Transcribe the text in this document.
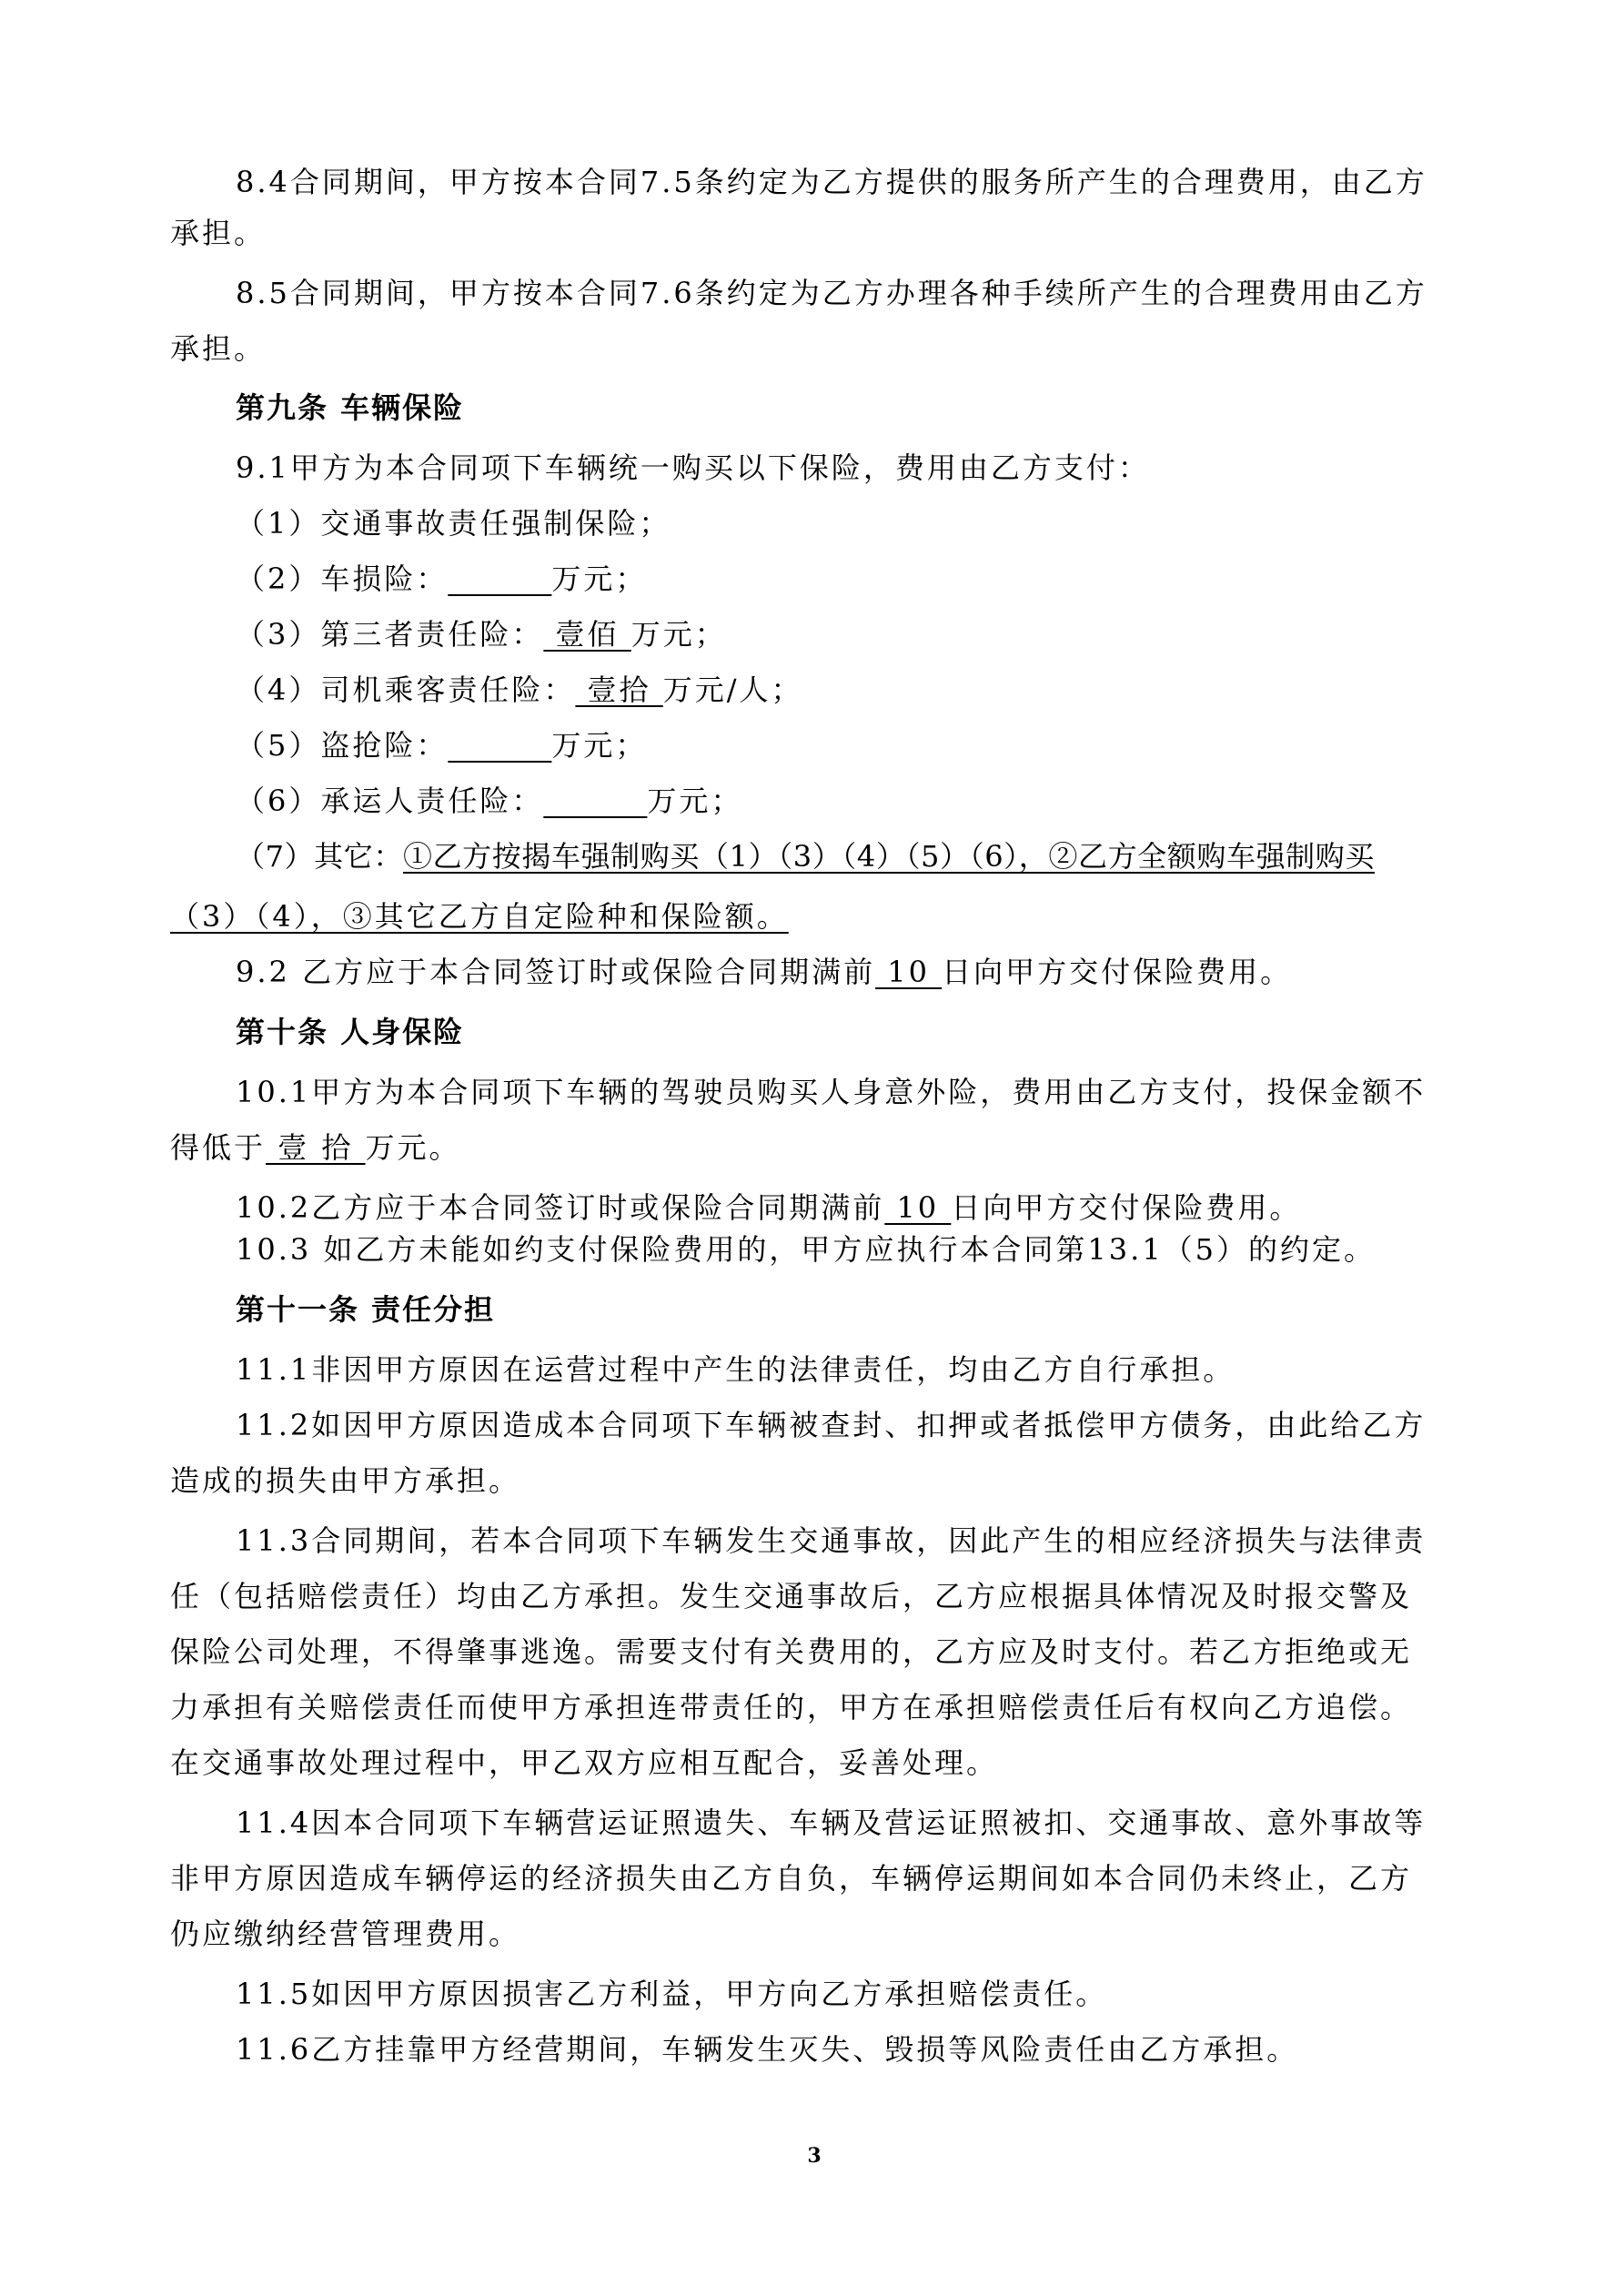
8.4合同期间，甲方按本合同7.5条约定为乙方提供的服务所产生的合理费用，由乙方
承担。
8.5合同期间，甲方按本合同7.6条约定为乙方办理各种手续所产生的合理费用由乙方
承担。
第九条 车辆保险
9.1甲方为本合同项下车辆统一购买以下保险，费用由乙方支付：
（1）交通事故责任强制保险；
（2）车损险：______万元；
（3）第三者责任险： 壹佰 万元；
（4）司机乘客责任险： 壹拾 万元/人；
（5）盗抢险：______万元；
（6）承运人责任险：______万元；
（7）其它：①乙方按揭车强制购买（1）（3）（4）（5）（6），②乙方全额购车强制购买
（3）（4），③其它乙方自定险种和保险额。
9.2 乙方应于本合同签订时或保险合同期满前 10 日向甲方交付保险费用。
第十条 人身保险
10.1甲方为本合同项下车辆的驾驶员购买人身意外险，费用由乙方支付，投保金额不
得低于 壹 拾 万元。
10.2乙方应于本合同签订时或保险合同期满前 10 日向甲方交付保险费用。
10.3 如乙方未能如约支付保险费用的，甲方应执行本合同第13.1（5）的约定。
第十一条 责任分担
11.1非因甲方原因在运营过程中产生的法律责任，均由乙方自行承担。
11.2如因甲方原因造成本合同项下车辆被查封、扣押或者抵偿甲方债务，由此给乙方
造成的损失由甲方承担。
11.3合同期间，若本合同项下车辆发生交通事故，因此产生的相应经济损失与法律责
任（包括赔偿责任）均由乙方承担。发生交通事故后，乙方应根据具体情况及时报交警及
保险公司处理，不得肇事逃逸。需要支付有关费用的，乙方应及时支付。若乙方拒绝或无
力承担有关赔偿责任而使甲方承担连带责任的，甲方在承担赔偿责任后有权向乙方追偿。
在交通事故处理过程中，甲乙双方应相互配合，妥善处理。
11.4因本合同项下车辆营运证照遗失、车辆及营运证照被扣、交通事故、意外事故等
非甲方原因造成车辆停运的经济损失由乙方自负，车辆停运期间如本合同仍未终止，乙方
仍应缴纳经营管理费用。
11.5如因甲方原因损害乙方利益，甲方向乙方承担赔偿责任。
11.6乙方挂靠甲方经营期间，车辆发生灭失、毁损等风险责任由乙方承担。
3
